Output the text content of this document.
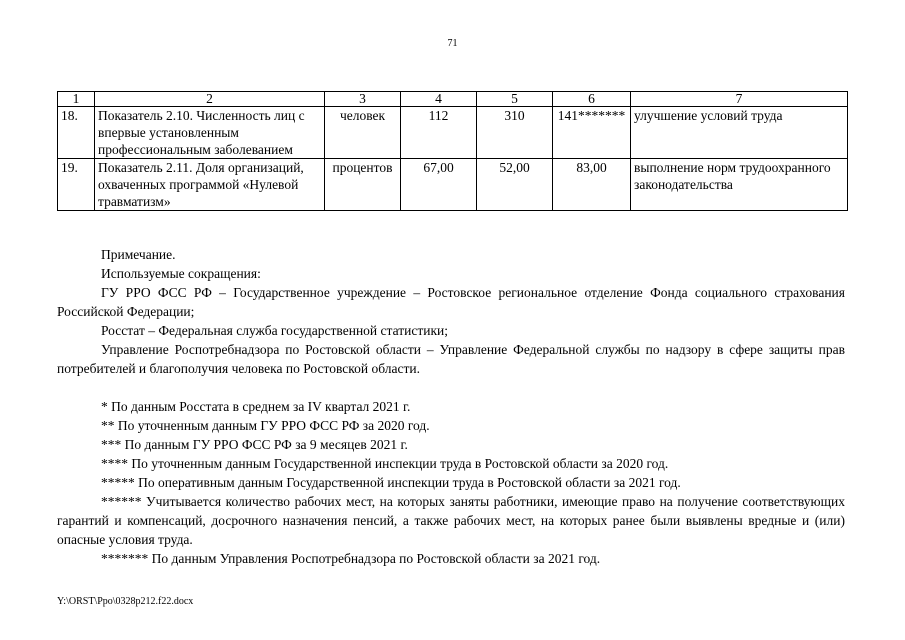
71
1	2	3	4	5	6	7
18.	Показатель 2.10. Численность лиц с впервые установленным профессиональным заболеванием	человек	112	310	141*******	улучшение условий труда
19.	Показатель 2.11. Доля организаций, охваченных программой «Нулевой травматизм»	процентов	67,00	52,00	83,00	выполнение норм трудоохранного законодательства

Примечание.

Используемые сокращения:

ГУ РРО ФСС РФ – Государственное учреждение – Ростовское региональное отделение Фонда социального страхования Российской Федерации;

Росстат – Федеральная служба государственной статистики;

Управление Роспотребнадзора по Ростовской области – Управление Федеральной службы по надзору в сфере защиты прав потребителей и благополучия человека по Ростовской области.

* По данным Росстата в среднем за IV квартал 2021 г.

** По уточненным данным ГУ РРО ФСС РФ за 2020 год.

*** По данным ГУ РРО ФСС РФ за 9 месяцев 2021 г.

**** По уточненным данным Государственной инспекции труда в Ростовской области за 2020 год.

***** По оперативным данным Государственной инспекции труда в Ростовской области за 2021 год.

****** Учитывается количество рабочих мест, на которых заняты работники, имеющие право на получение соответствующих гарантий и компенсаций, досрочного назначения пенсий, а также рабочих мест, на которых ранее были выявлены вредные и (или) опасные условия труда.

******* По данным Управления Роспотребнадзора по Ростовской области за 2021 год.

Y:\ORST\Ppo\0328p212.f22.docx
